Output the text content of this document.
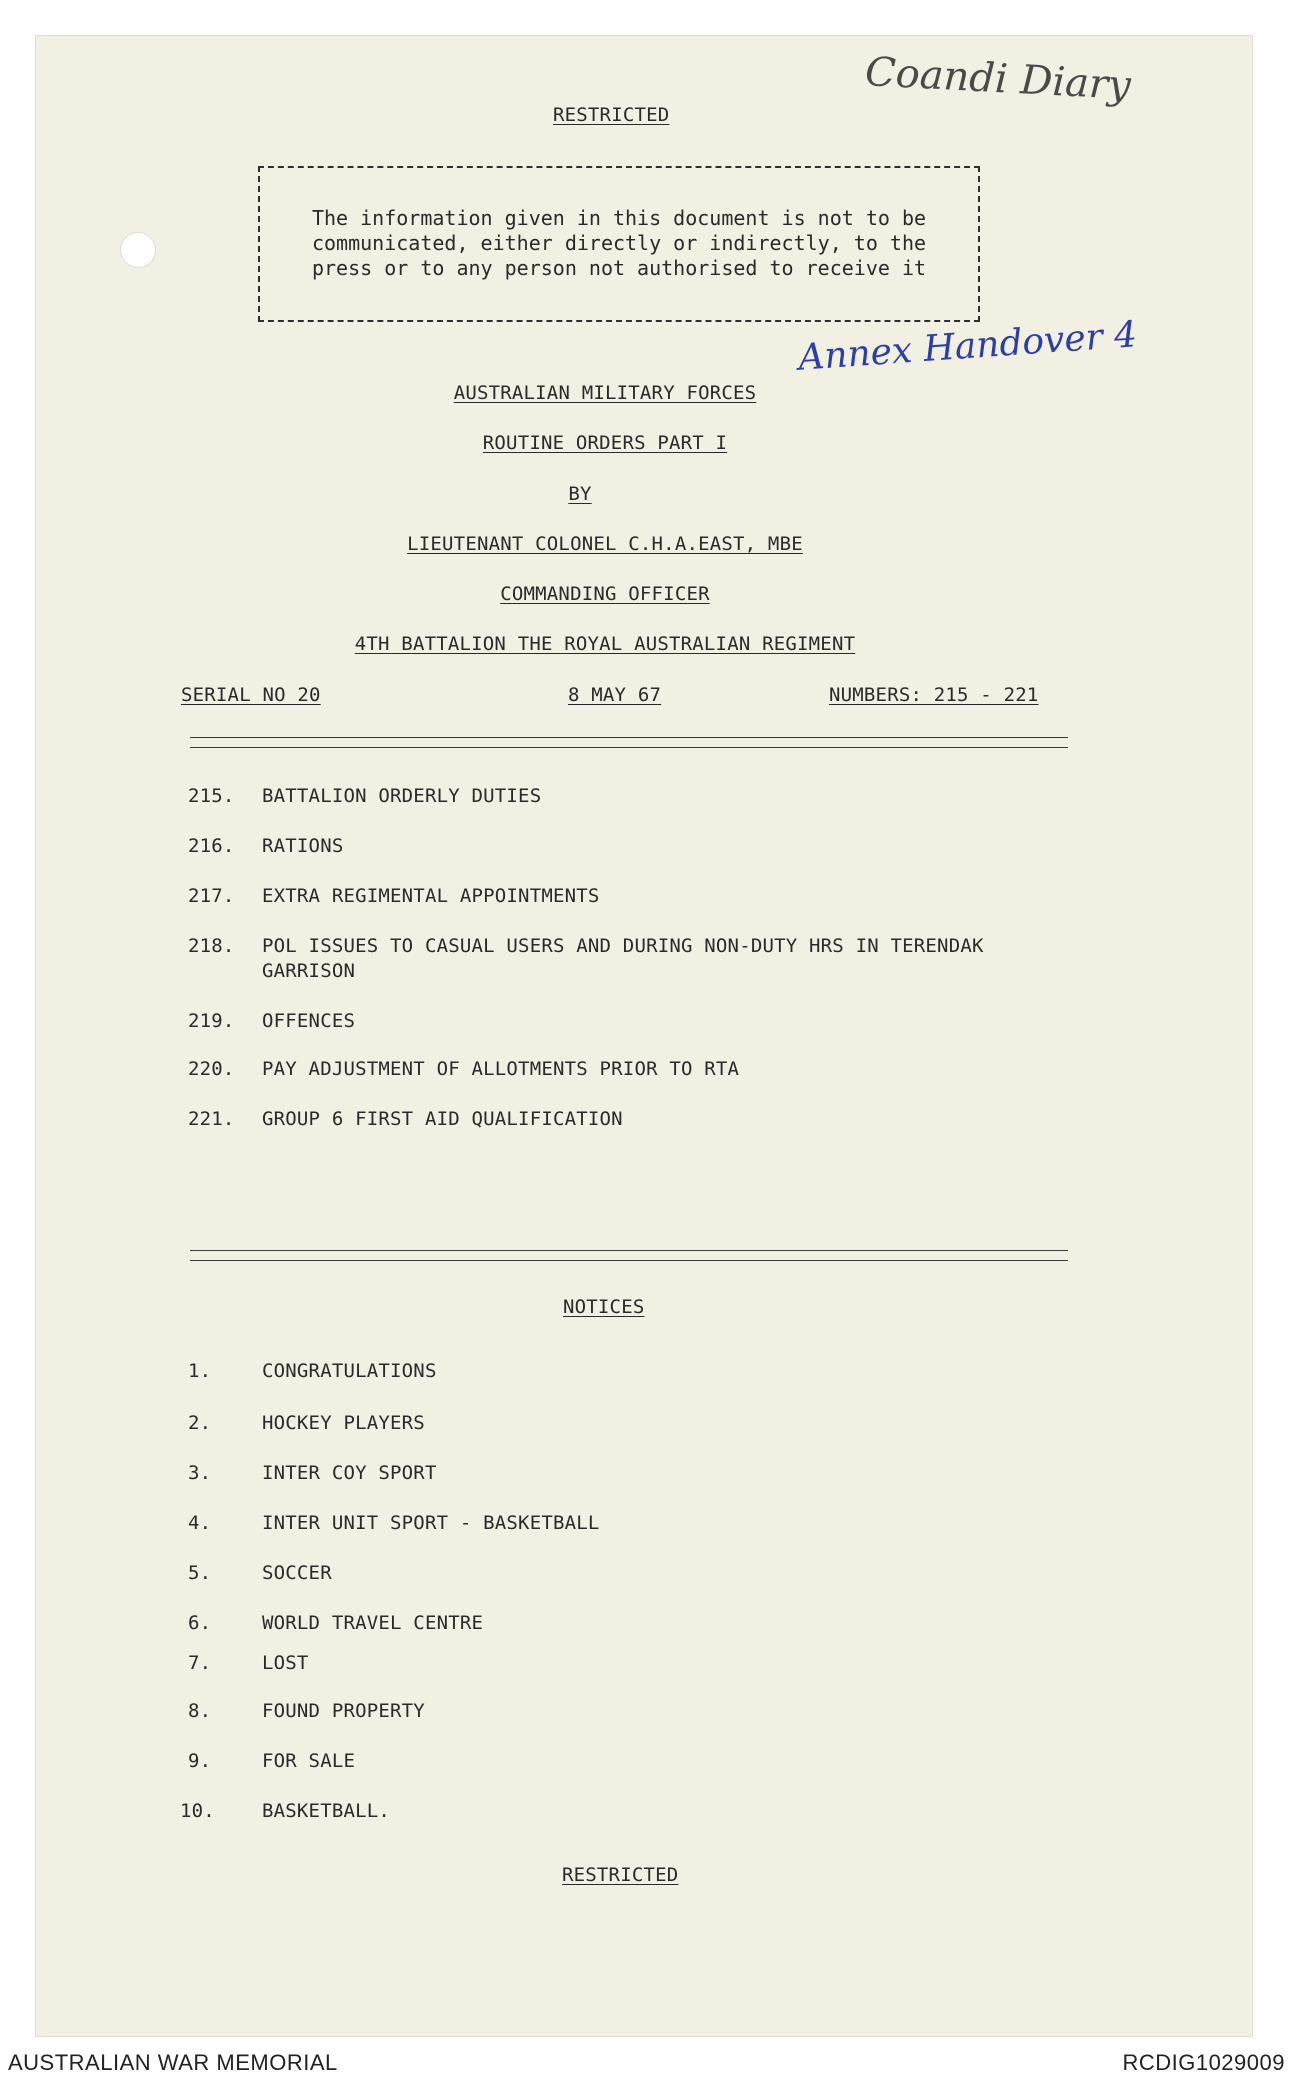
RESTRICTED
Coandi Diary
Annex Handover 4
The information given in this document is not to be
communicated, either directly or indirectly, to the
press or to any person not authorised to receive it
AUSTRALIAN MILITARY FORCES
ROUTINE ORDERS PART I
BY
LIEUTENANT COLONEL C.H.A.EAST, MBE
COMMANDING OFFICER
4TH BATTALION THE ROYAL AUSTRALIAN REGIMENT
SERIAL NO 20	8 MAY 67	NUMBERS: 215 - 221
215. BATTALION ORDERLY DUTIES
216. RATIONS
217. EXTRA REGIMENTAL APPOINTMENTS
218. POL ISSUES TO CASUAL USERS AND DURING NON-DUTY HRS IN TERENDAK
GARRISON
219. OFFENCES
220. PAY ADJUSTMENT OF ALLOTMENTS PRIOR TO RTA
221. GROUP 6 FIRST AID QUALIFICATION
NOTICES
1.	CONGRATULATIONS
2.	HOCKEY PLAYERS
3.	INTER COY SPORT
4.	INTER UNIT SPORT - BASKETBALL
5.	SOCCER
6.	WORLD TRAVEL CENTRE
7.	LOST
8.	FOUND PROPERTY
9.	FOR SALE
10. BASKETBALL.
RESTRICTED
AUSTRALIAN WAR MEMORIAL	RCDIG1029009
